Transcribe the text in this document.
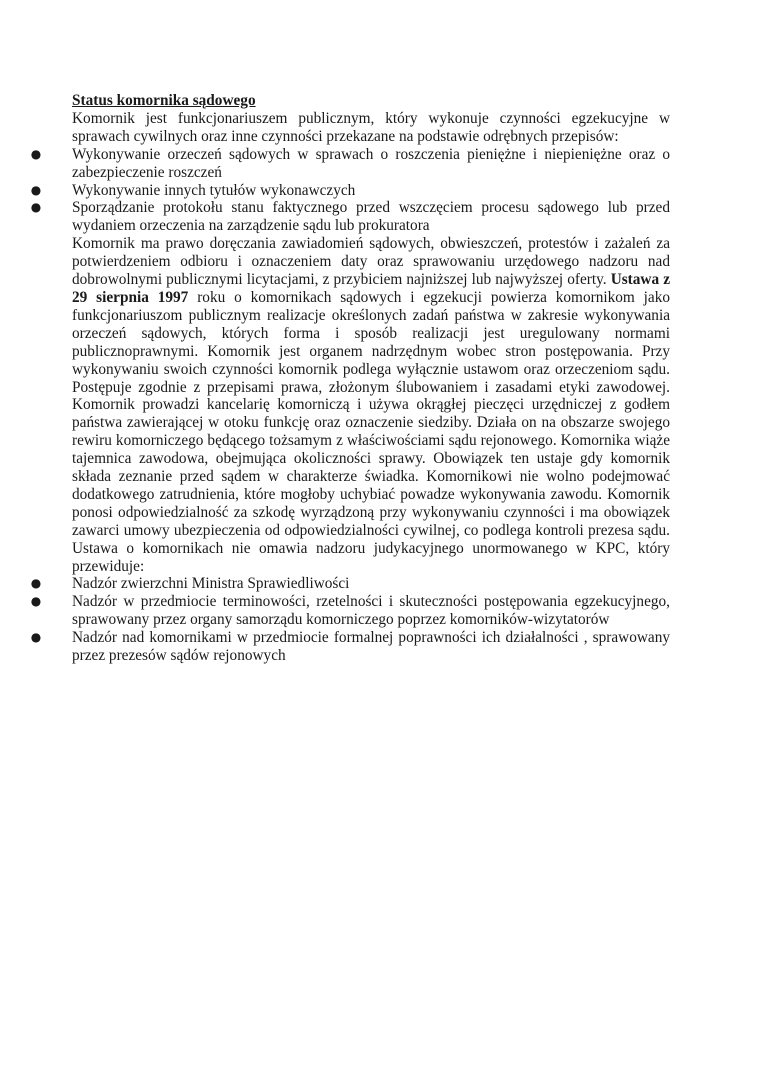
Status komornika sądowego

Komornik jest funkcjonariuszem publicznym, który wykonuje czynności egzekucyjne w sprawach cywilnych oraz inne czynności przekazane na podstawie odrębnych przepisów:

● Wykonywanie orzeczeń sądowych w sprawach o roszczenia pieniężne i niepieniężne oraz o zabezpieczenie roszczeń
● Wykonywanie innych tytułów wykonawczych
● Sporządzanie protokołu stanu faktycznego przed wszczęciem procesu sądowego lub przed wydaniem orzeczenia na zarządzenie sądu lub prokuratora

Komornik ma prawo doręczania zawiadomień sądowych, obwieszczeń, protestów i zażaleń za potwierdzeniem odbioru i oznaczeniem daty oraz sprawowaniu urzędowego nadzoru nad dobrowolnymi publicznymi licytacjami, z przybiciem najniższej lub najwyższej oferty. Ustawa z 29 sierpnia 1997 roku o komornikach sądowych i egzekucji powierza komornikom jako funkcjonariuszom publicznym realizacje określonych zadań państwa w zakresie wykonywania orzeczeń sądowych, których forma i sposób realizacji jest uregulowany normami publicznoprawnymi. Komornik jest organem nadrzędnym wobec stron postępowania. Przy wykonywaniu swoich czynności komornik podlega wyłącznie ustawom oraz orzeczeniom sądu. Postępuje zgodnie z przepisami prawa, złożonym ślubowaniem i zasadami etyki zawodowej. Komornik prowadzi kancelarię komorniczą i używa okrągłej pieczęci urzędniczej z godłem państwa zawierającej w otoku funkcję oraz oznaczenie siedziby. Działa on na obszarze swojego rewiru komorniczego będącego tożsamym z właściwościami sądu rejonowego. Komornika wiąże tajemnica zawodowa, obejmująca okoliczności sprawy. Obowiązek ten ustaje gdy komornik składa zeznanie przed sądem w charakterze świadka. Komornikowi nie wolno podejmować dodatkowego zatrudnienia, które mogłoby uchybiać powadze wykonywania zawodu. Komornik ponosi odpowiedzialność za szkodę wyrządzoną przy wykonywaniu czynności i ma obowiązek zawarci umowy ubezpieczenia od odpowiedzialności cywilnej, co podlega kontroli prezesa sądu. Ustawa o komornikach nie omawia nadzoru judykacyjnego unormowanego w KPC, który przewiduje:

● Nadzór zwierzchni Ministra Sprawiedliwości
● Nadzór w przedmiocie terminowości, rzetelności i skuteczności postępowania egzekucyjnego, sprawowany przez organy samorządu komorniczego poprzez komorników-wizytatorów
● Nadzór nad komornikami w przedmiocie formalnej poprawności ich działalności , sprawowany przez prezesów sądów rejonowych
